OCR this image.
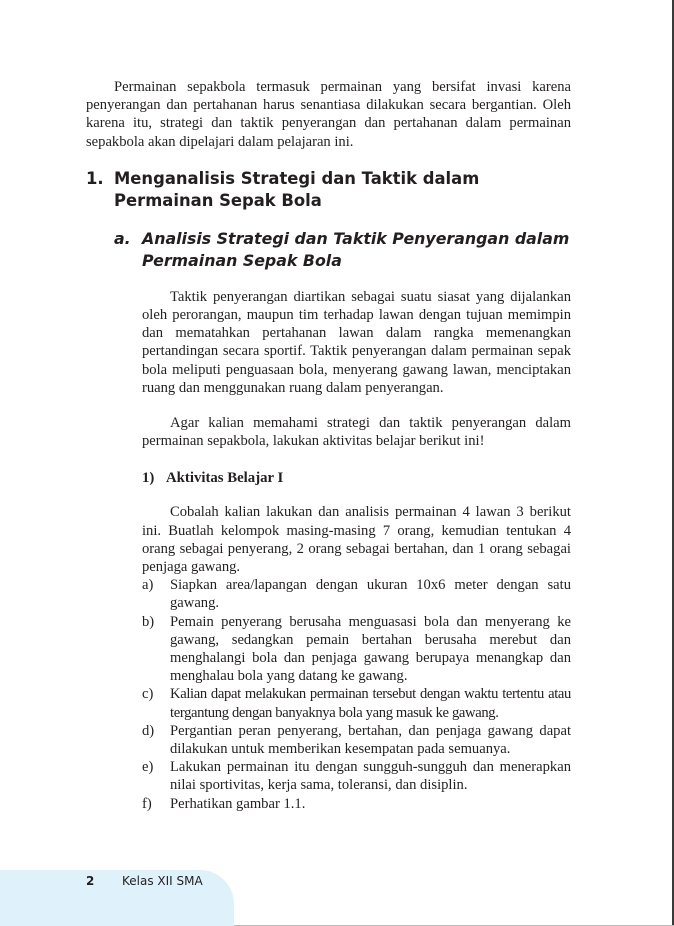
Permainan sepakbola termasuk permainan yang bersifat invasi karena penyerangan dan pertahanan harus senantiasa dilakukan secara bergantian. Oleh karena itu, strategi dan taktik penyerangan dan pertahanan dalam permainan sepakbola akan dipelajari dalam pelajaran ini.

1. Menganalisis Strategi dan Taktik dalam Permainan Sepak Bola
a. Analisis Strategi dan Taktik Penyerangan dalam Permainan Sepak Bola

Taktik penyerangan diartikan sebagai suatu siasat yang dijalankan oleh perorangan, maupun tim terhadap lawan dengan tujuan memimpin dan mematahkan pertahanan lawan dalam rangka memenangkan pertandingan secara sportif. Taktik penyerangan dalam permainan sepak bola meliputi penguasaan bola, menyerang gawang lawan, menciptakan ruang dan menggunakan ruang dalam penyerangan.

Agar kalian memahami strategi dan taktik penyerangan dalam permainan sepakbola, lakukan aktivitas belajar berikut ini!

1) Aktivitas Belajar I

Cobalah kalian lakukan dan analisis permainan 4 lawan 3 berikut ini. Buatlah kelompok masing-masing 7 orang, kemudian tentukan 4 orang sebagai penyerang, 2 orang sebagai bertahan, dan 1 orang sebagai penjaga gawang.

a)	Siapkan area/lapangan dengan ukuran 10x6 meter dengan satu gawang.
b)	Pemain penyerang berusaha menguasasi bola dan menyerang ke gawang, sedangkan pemain bertahan berusaha merebut dan menghalangi bola dan penjaga gawang berupaya menangkap dan menghalau bola yang datang ke gawang.
c)	Kalian dapat melakukan permainan tersebut dengan waktu tertentu atau tergantung dengan banyaknya bola yang masuk ke gawang.
d)	Pergantian peran penyerang, bertahan, dan penjaga gawang dapat dilakukan untuk memberikan kesempatan pada semuanya.
e)	Lakukan permainan itu dengan sungguh-sungguh dan menerapkan nilai sportivitas, kerja sama, toleransi, dan disiplin.
f)	Perhatikan gambar 1.1.
2 Kelas XII SMA
